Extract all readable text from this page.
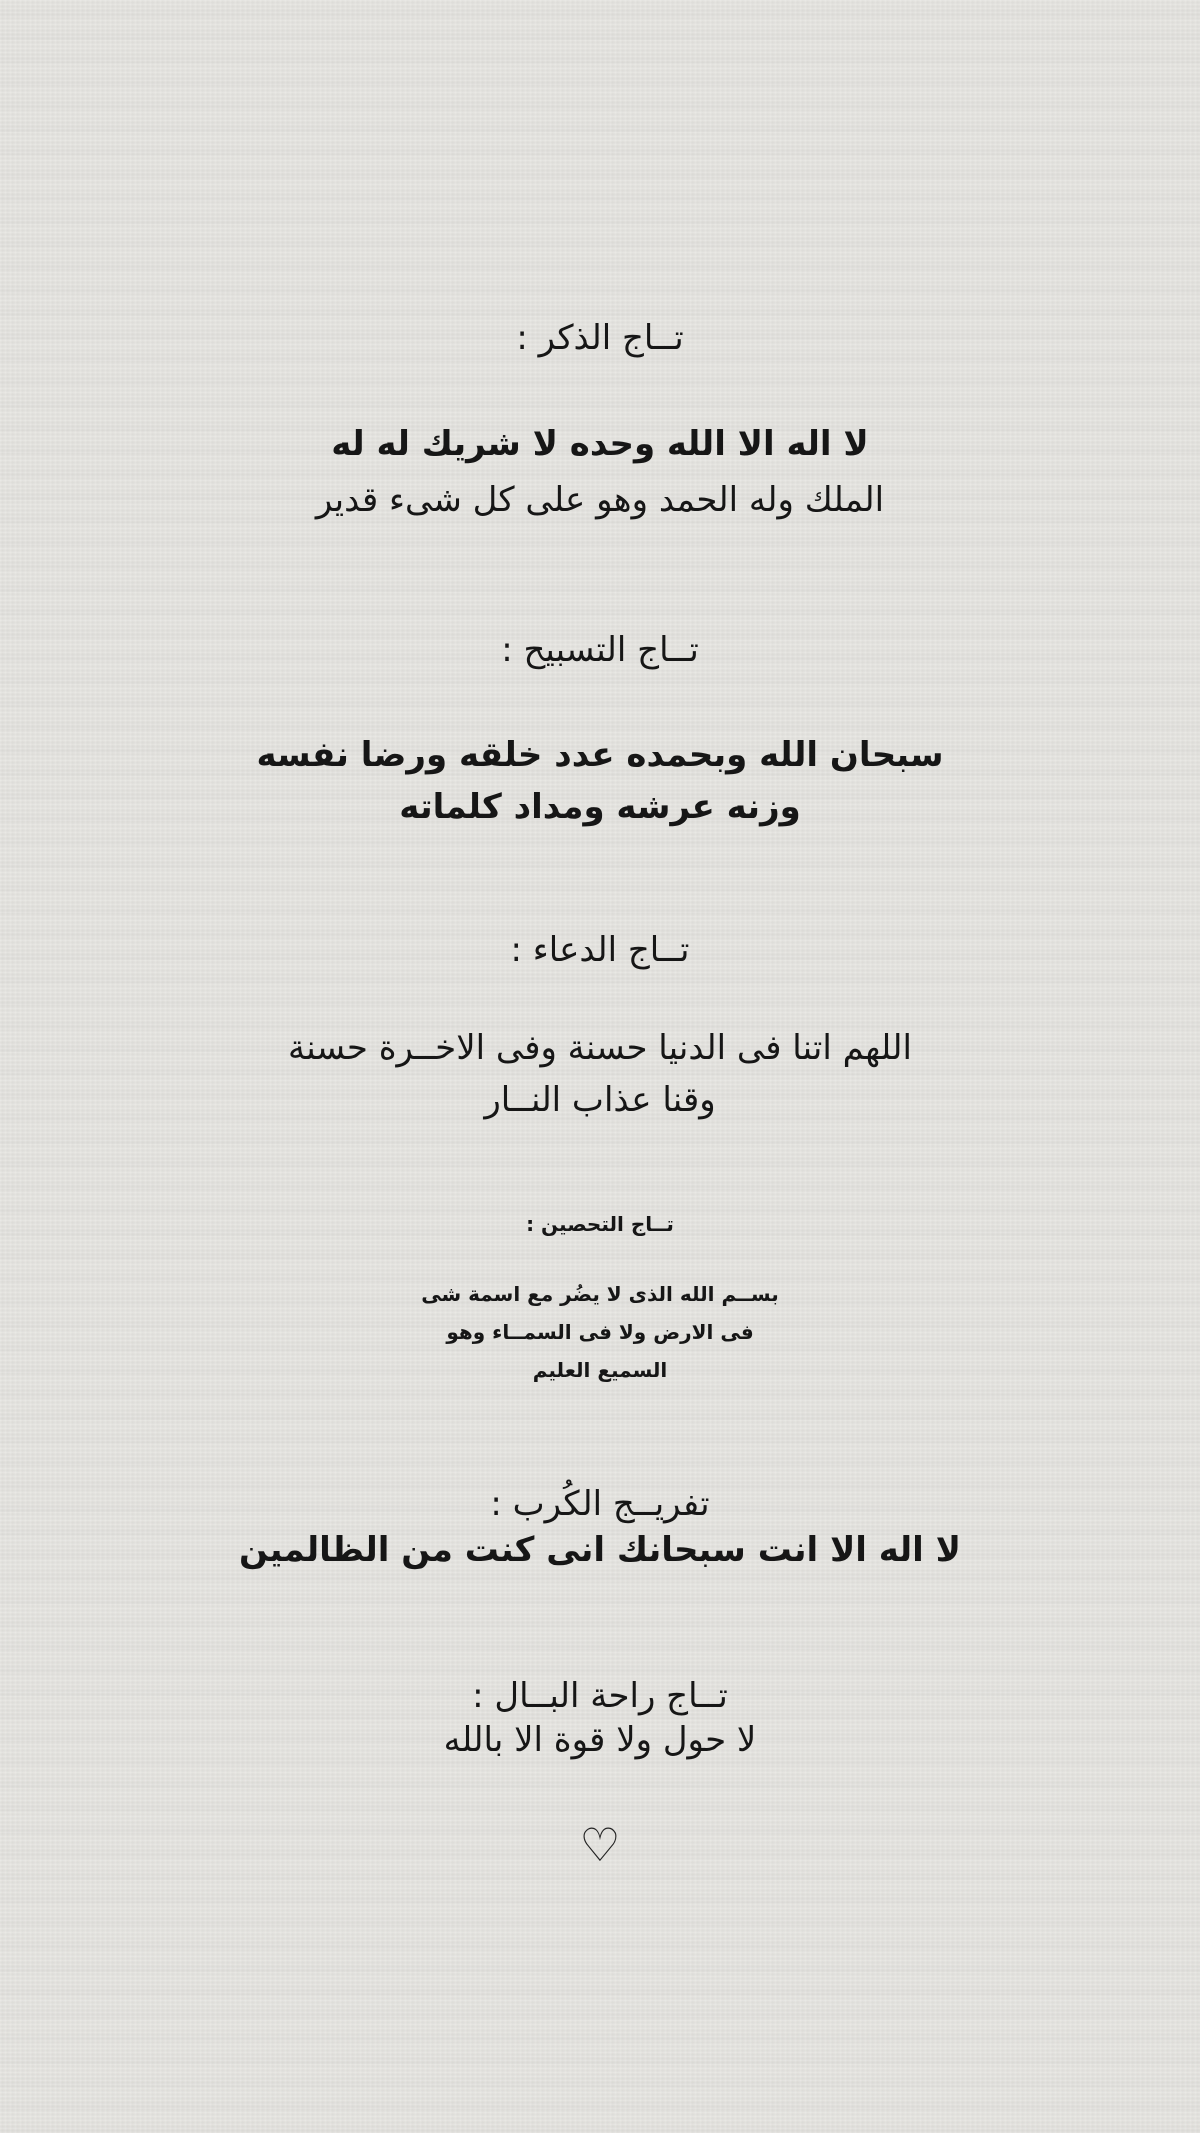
تــاج الذكر :
لا اله الا الله وحده لا شريك له له
الملك وله الحمد وهو على كل شىء قدير
تــاج التسبيح :
سبحان الله وبحمده عدد خلقه ورضا نفسه
وزنه عرشه ومداد كلماته
تــاج الدعاء :
اللهم اتنا فى الدنيا حسنة وفى الاخــرة حسنة
وقنا عذاب النــار
تــاج التحصين :
بســم الله الذى لا يضُر مع اسمة شى
فى الارض ولا فى السمــاء وهو
السميع العليم
تفريــج الكُرب :
لا اله الا انت سبحانك انى كنت من الظالمين
تــاج راحة البــال :
لا حول ولا قوة الا بالله
♡
